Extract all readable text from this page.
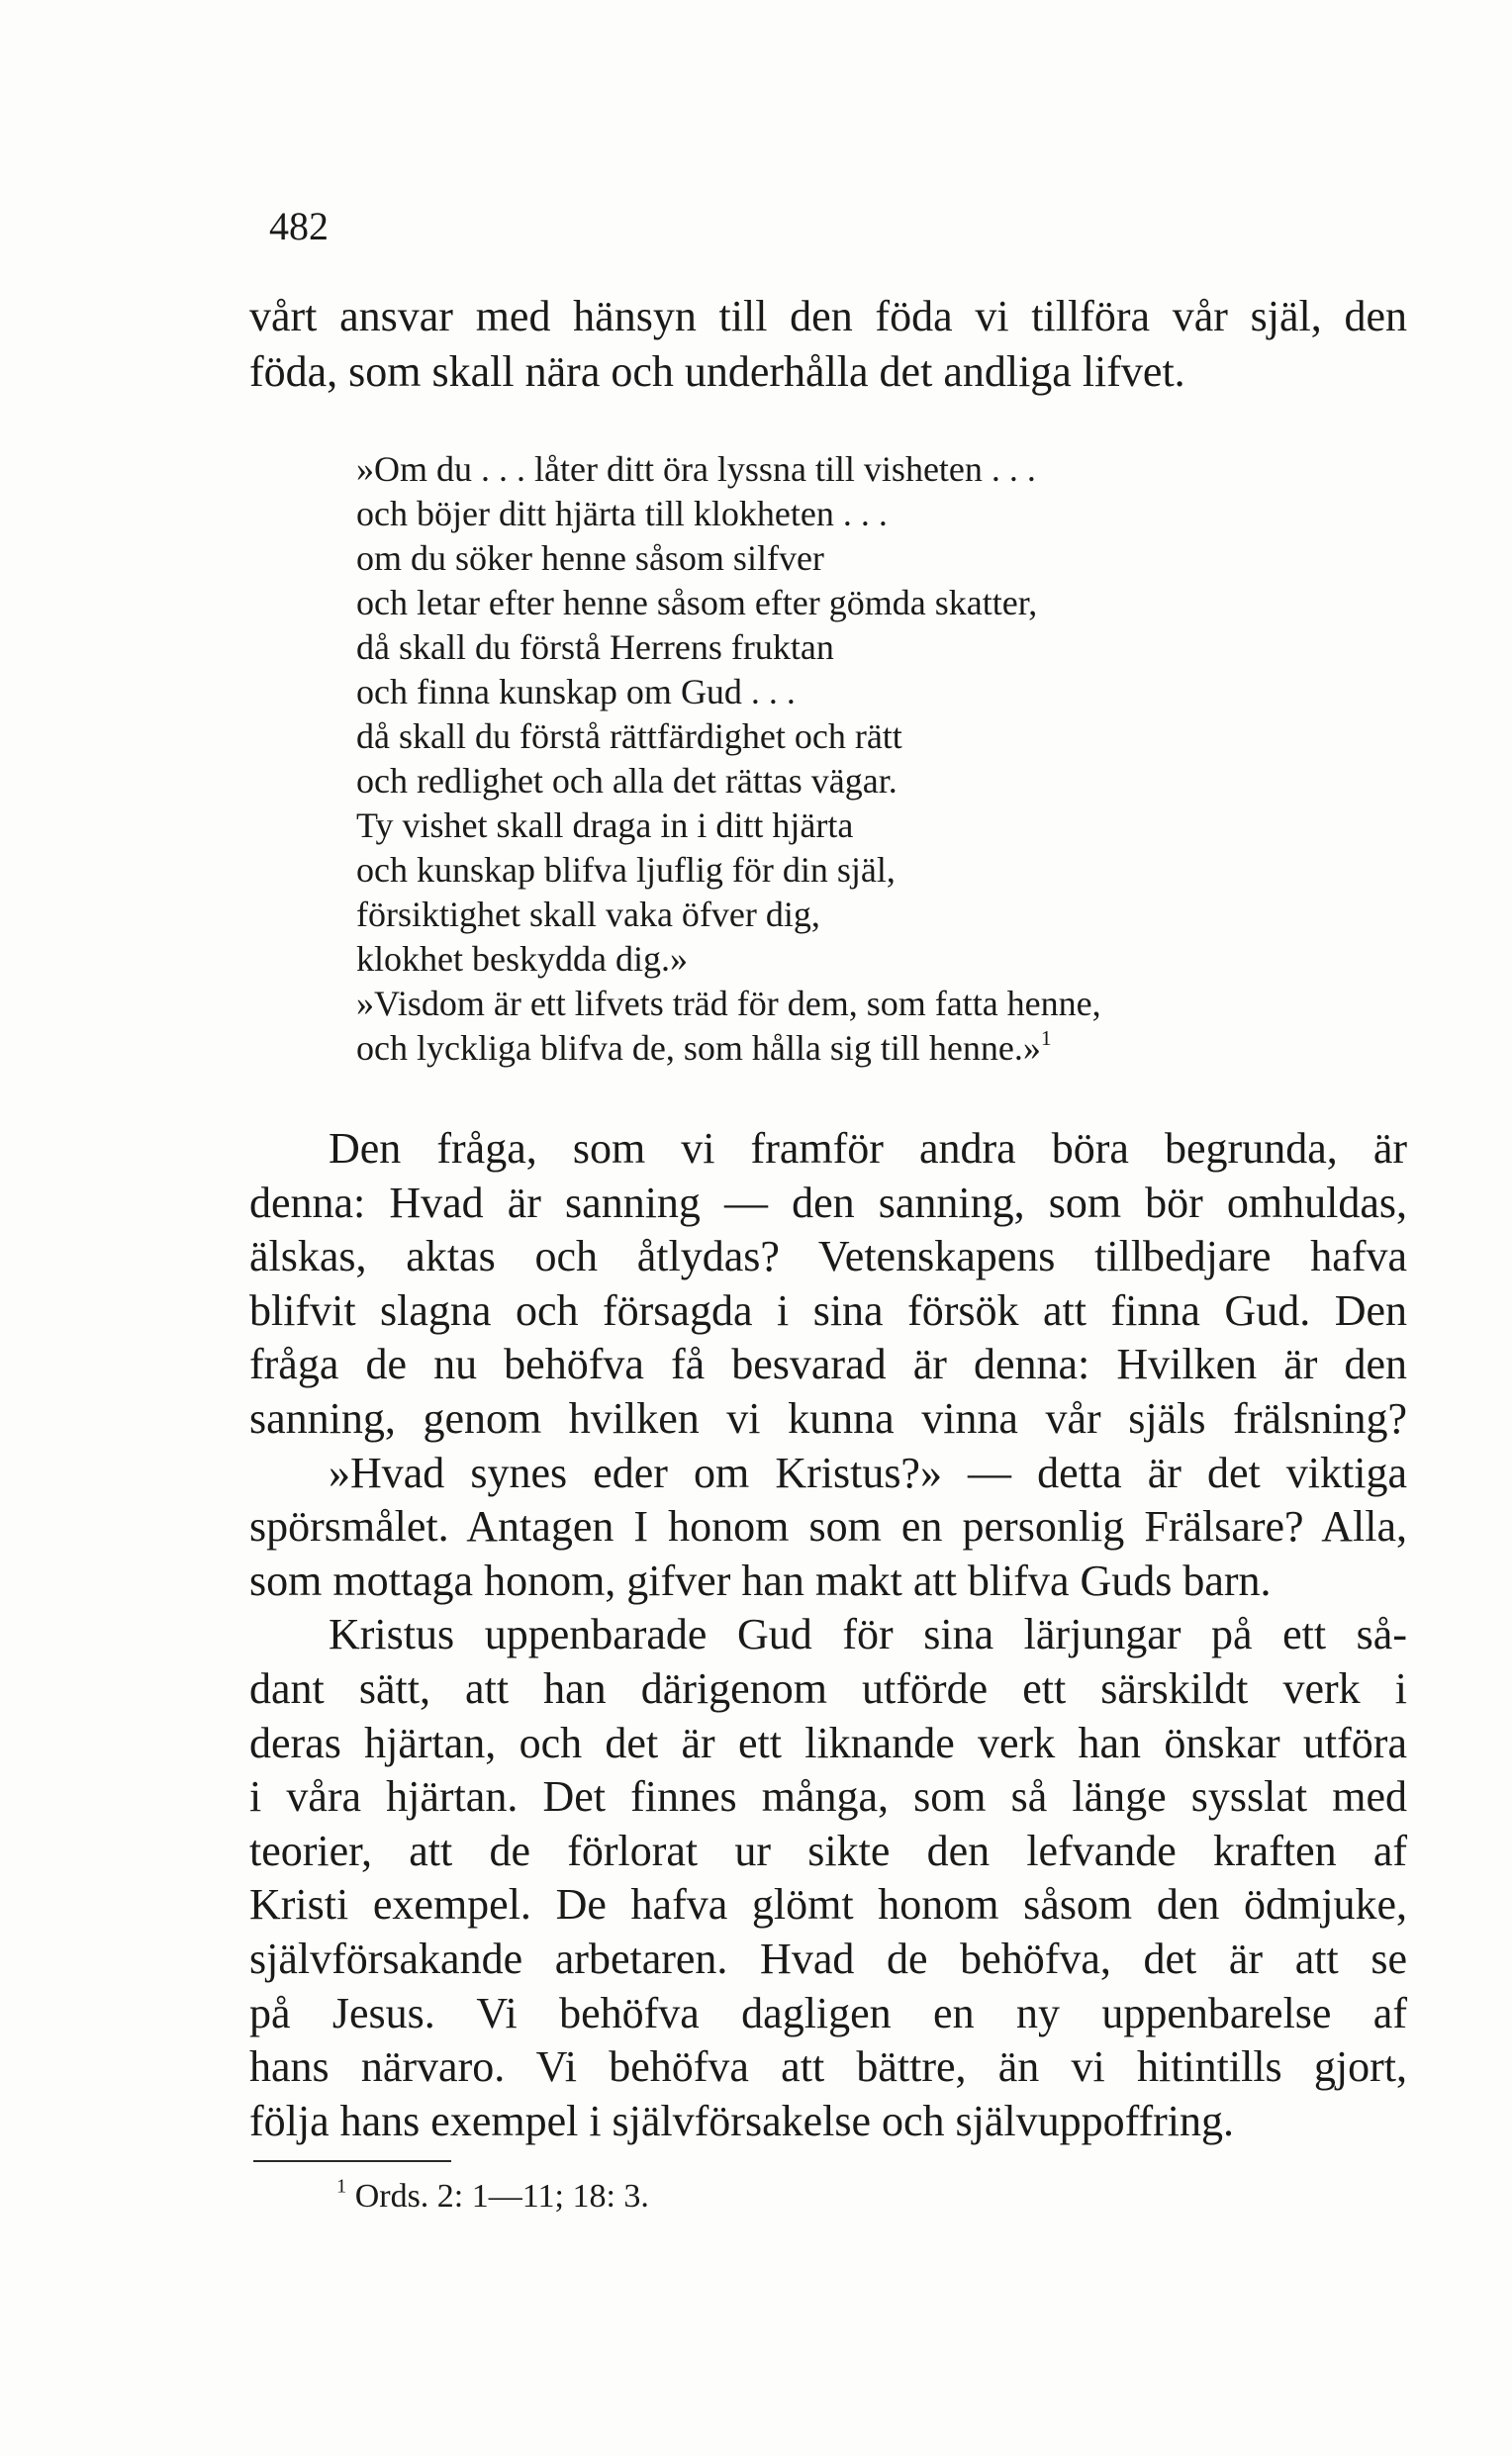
482
vårt ansvar med hänsyn till den föda vi tillföra vår själ, den
föda, som skall nära och underhålla det andliga lifvet.
»Om du . . . låter ditt öra lyssna till visheten . . .
och böjer ditt hjärta till klokheten . . .
om du söker henne såsom silfver
och letar efter henne såsom efter gömda skatter,
då skall du förstå Herrens fruktan
och finna kunskap om Gud . . .
då skall du förstå rättfärdighet och rätt
och redlighet och alla det rättas vägar.
Ty vishet skall draga in i ditt hjärta
och kunskap blifva ljuflig för din själ,
försiktighet skall vaka öfver dig,
klokhet beskydda dig.»
»Visdom är ett lifvets träd för dem, som fatta henne,
och lyckliga blifva de, som hålla sig till henne.»$^1$
Den fråga, som vi framför andra böra begrunda, är
denna: Hvad är sanning — den sanning, som bör omhuldas,
älskas, aktas och åtlydas? Vetenskapens tillbedjare hafva
blifvit slagna och försagda i sina försök att finna Gud. Den
fråga de nu behöfva få besvarad är denna: Hvilken är den
sanning, genom hvilken vi kunna vinna vår själs frälsning?
»Hvad synes eder om Kristus?» — detta är det viktiga
spörsmålet. Antagen I honom som en personlig Frälsare? Alla,
som mottaga honom, gifver han makt att blifva Guds barn.
Kristus uppenbarade Gud för sina lärjungar på ett så-
dant sätt, att han därigenom utförde ett särskildt verk i
deras hjärtan, och det är ett liknande verk han önskar utföra
i våra hjärtan. Det finnes många, som så länge sysslat med
teorier, att de förlorat ur sikte den lefvande kraften af
Kristi exempel. De hafva glömt honom såsom den ödmjuke,
självförsakande arbetaren. Hvad de behöfva, det är att se
på Jesus. Vi behöfva dagligen en ny uppenbarelse af
hans närvaro. Vi behöfva att bättre, än vi hitintills gjort,
följa hans exempel i självförsakelse och självuppoffring.
$^1$ Ords. 2: 1—11; 18: 3.
